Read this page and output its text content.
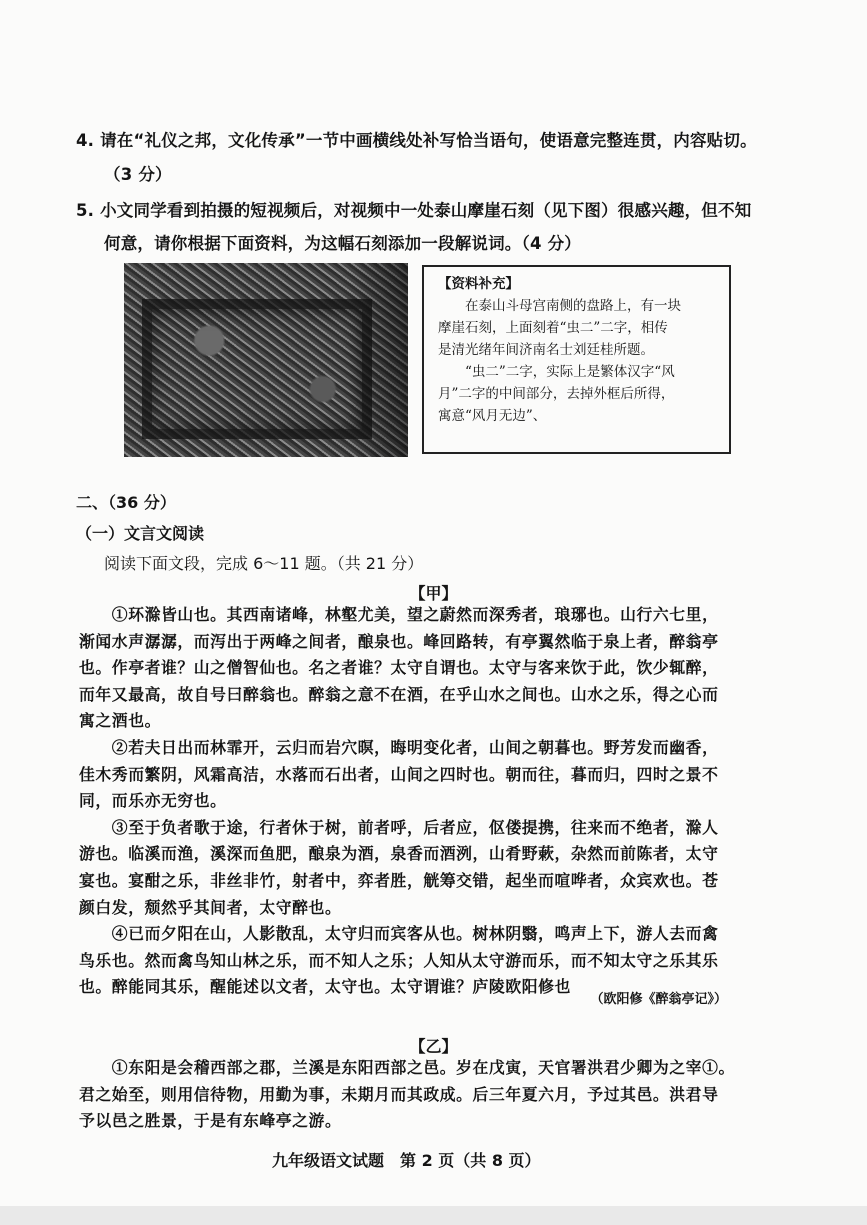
4. 请在“礼仪之邦，文化传承”一节中画横线处补写恰当语句，使语意完整连贯，内容贴切。
（3 分）
5. 小文同学看到拍摄的短视频后，对视频中一处泰山摩崖石刻（见下图）很感兴趣，但不知
何意，请你根据下面资料，为这幅石刻添加一段解说词。（4 分）
【资料补充】
　　在泰山斗母宫南侧的盘路上，有一块
摩崖石刻，上面刻着“虫二”二字，相传
是清光绪年间济南名士刘廷桂所题。
　　“虫二”二字，实际上是繁体汉字“风
月”二字的中间部分，去掉外框后所得，
寓意“风月无边”、
二、（36 分）
（一）文言文阅读
阅读下面文段，完成 6～11 题。（共 21 分）
【甲】
　　①环滁皆山也。其西南诸峰，林壑尤美，望之蔚然而深秀者，琅琊也。山行六七里，
渐闻水声潺潺，而泻出于两峰之间者，酿泉也。峰回路转，有亭翼然临于泉上者，醉翁亭
也。作亭者谁？山之僧智仙也。名之者谁？太守自谓也。太守与客来饮于此，饮少辄醉，
而年又最高，故自号曰醉翁也。醉翁之意不在酒，在乎山水之间也。山水之乐，得之心而
寓之酒也。
　　②若夫日出而林霏开，云归而岩穴暝，晦明变化者，山间之朝暮也。野芳发而幽香，
佳木秀而繁阴，风霜高洁，水落而石出者，山间之四时也。朝而往，暮而归，四时之景不
同，而乐亦无穷也。
　　③至于负者歌于途，行者休于树，前者呼，后者应，伛偻提携，往来而不绝者，滁人
游也。临溪而渔，溪深而鱼肥，酿泉为酒，泉香而酒洌，山肴野蔌，杂然而前陈者，太守
宴也。宴酣之乐，非丝非竹，射者中，弈者胜，觥筹交错，起坐而喧哗者，众宾欢也。苍
颜白发，颓然乎其间者，太守醉也。
　　④已而夕阳在山，人影散乱，太守归而宾客从也。树林阴翳，鸣声上下，游人去而禽
鸟乐也。然而禽鸟知山林之乐，而不知人之乐；人知从太守游而乐，而不知太守之乐其乐
也。醉能同其乐，醒能述以文者，太守也。太守谓谁？庐陵欧阳修也
（欧阳修《醉翁亭记》）
【乙】
　　①东阳是会稽西部之郡，兰溪是东阳西部之邑。岁在戊寅，天官署洪君少卿为之宰①。
君之始至，则用信待物，用勤为事，未期月而其政成。后三年夏六月，予过其邑。洪君导
予以邑之胜景，于是有东峰亭之游。
九年级语文试题　第 2 页（共 8 页）
